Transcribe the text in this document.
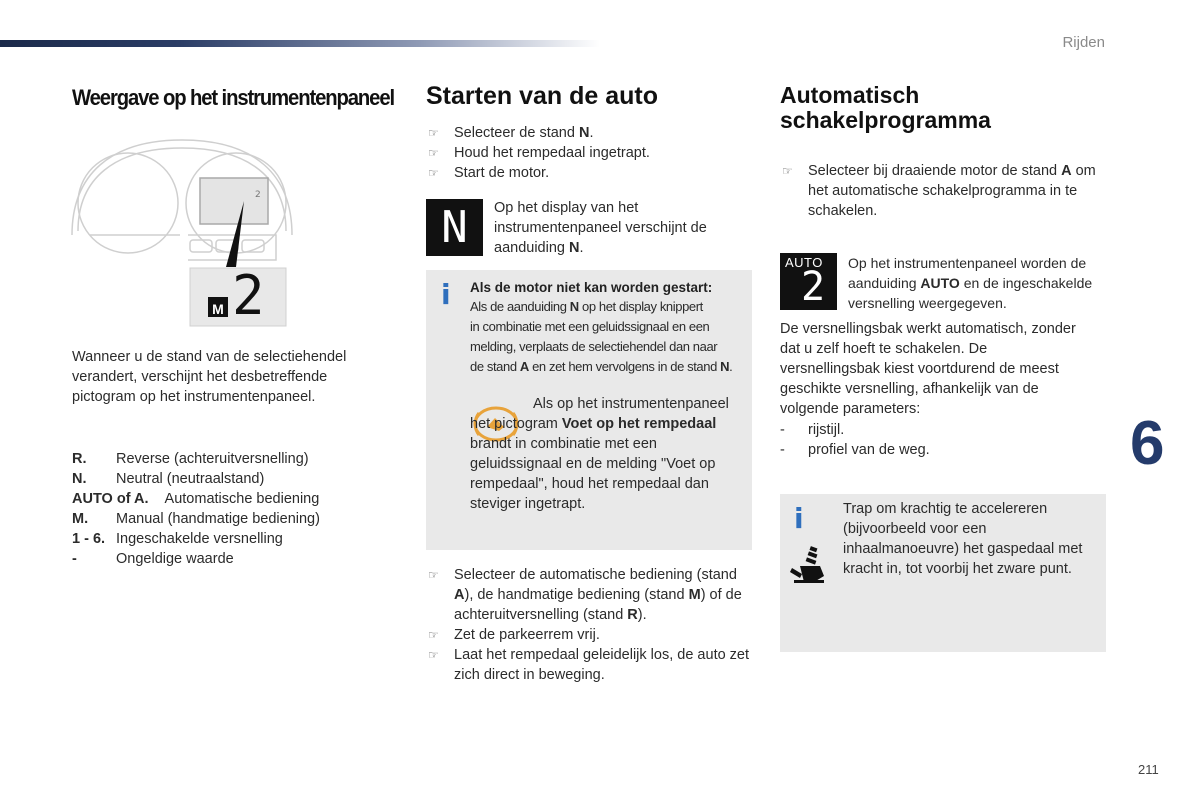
Rijden
6
211
Weergave op het instrumentenpaneel
2
M 2
Wanneer u de stand van de selectiehendel verandert, verschijnt het desbetreffende pictogram op het instrumentenpaneel.
R.	Reverse (achteruitversnelling)
N.	Neutral (neutraalstand)
AUTO of A.	Automatische bediening
M.	Manual (handmatige bediening)
1 - 6. Ingeschakelde versnelling
-	Ongeldige waarde
Starten van de auto
☞ Selecteer de stand N.
☞ Houd het rempedaal ingetrapt.
☞ Start de motor.
N	Op het display van het instrumentenpaneel verschijnt de aanduiding N.
i Als de motor niet kan worden gestart:
Als de aanduiding N op het display knippert
in combinatie met een geluidssignaal en een
melding, verplaats de selectiehendel dan naar
de stand A en zet hem vervolgens in de stand N.
Als op het instrumentenpaneel het pictogram Voet op het rempedaal brandt in combinatie met een geluidssignaal en de melding "Voet op rempedaal", houd het rempedaal dan steviger ingetrapt.
☞ Selecteer de automatische bediening (stand A), de handmatige bediening (stand M) of de achteruitversnelling (stand R).
☞ Zet de parkeerrem vrij.
☞ Laat het rempedaal geleidelijk los, de auto zet zich direct in beweging.
Automatisch schakelprogramma
☞ Selecteer bij draaiende motor de stand A om het automatische schakelprogramma in te schakelen.
AUTO
2
Op het instrumentenpaneel worden de aanduiding AUTO en de ingeschakelde versnelling weergegeven.
De versnellingsbak werkt automatisch, zonder dat u zelf hoeft te schakelen. De versnellingsbak kiest voortdurend de meest geschikte versnelling, afhankelijk van de volgende parameters:
-	rijstijl.
-	profiel van de weg.
i	Trap om krachtig te accelereren (bijvoorbeeld voor een inhaalmanoeuvre) het gaspedaal met kracht in, tot voorbij het zware punt.
